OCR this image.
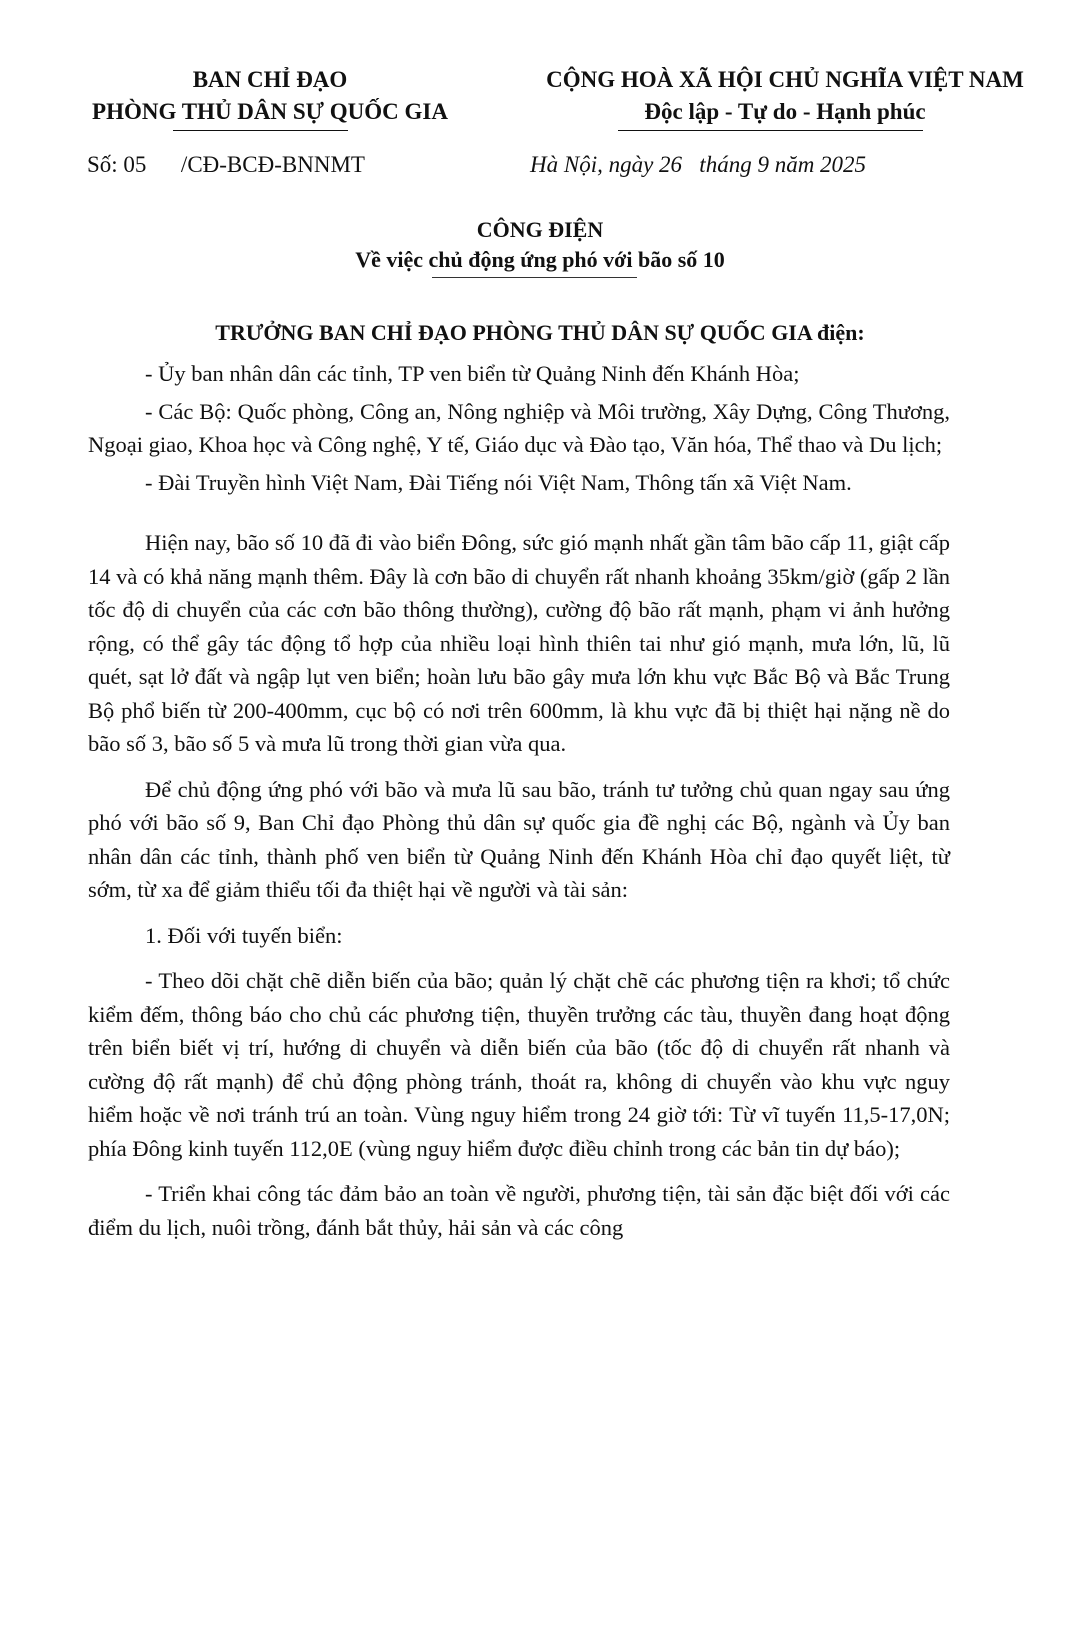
BAN CHỈ ĐẠO
PHÒNG THỦ DÂN SỰ QUỐC GIA
CỘNG HOÀ XÃ HỘI CHỦ NGHĨA VIỆT NAM
Độc lập - Tự do - Hạnh phúc
Số: 05      /CĐ-BCĐ-BNNMT	Hà Nội, ngày 26   tháng 9 năm 2025
CÔNG ĐIỆN
Về việc chủ động ứng phó với bão số 10
TRƯỞNG BAN CHỈ ĐẠO PHÒNG THỦ DÂN SỰ QUỐC GIA điện:

- Ủy ban nhân dân các tỉnh, TP ven biển từ Quảng Ninh đến Khánh Hòa;

- Các Bộ: Quốc phòng, Công an, Nông nghiệp và Môi trường, Xây Dựng, Công Thương, Ngoại giao, Khoa học và Công nghệ, Y tế, Giáo dục và Đào tạo, Văn hóa, Thể thao và Du lịch;

- Đài Truyền hình Việt Nam, Đài Tiếng nói Việt Nam, Thông tấn xã Việt Nam.

Hiện nay, bão số 10 đã đi vào biển Đông, sức gió mạnh nhất gần tâm bão cấp 11, giật cấp 14 và có khả năng mạnh thêm. Đây là cơn bão di chuyển rất nhanh khoảng 35km/giờ (gấp 2 lần tốc độ di chuyển của các cơn bão thông thường), cường độ bão rất mạnh, phạm vi ảnh hưởng rộng, có thể gây tác động tổ hợp của nhiều loại hình thiên tai như gió mạnh, mưa lớn, lũ, lũ quét, sạt lở đất và ngập lụt ven biển; hoàn lưu bão gây mưa lớn khu vực Bắc Bộ và Bắc Trung Bộ phổ biến từ 200-400mm, cục bộ có nơi trên 600mm, là khu vực đã bị thiệt hại nặng nề do bão số 3, bão số 5 và mưa lũ trong thời gian vừa qua.

Để chủ động ứng phó với bão và mưa lũ sau bão, tránh tư tưởng chủ quan ngay sau ứng phó với bão số 9, Ban Chỉ đạo Phòng thủ dân sự quốc gia đề nghị các Bộ, ngành và Ủy ban nhân dân các tỉnh, thành phố ven biển từ Quảng Ninh đến Khánh Hòa chỉ đạo quyết liệt, từ sớm, từ xa để giảm thiểu tối đa thiệt hại về người và tài sản:

1. Đối với tuyến biển:

- Theo dõi chặt chẽ diễn biến của bão; quản lý chặt chẽ các phương tiện ra khơi; tổ chức kiểm đếm, thông báo cho chủ các phương tiện, thuyền trưởng các tàu, thuyền đang hoạt động trên biển biết vị trí, hướng di chuyển và diễn biến của bão (tốc độ di chuyển rất nhanh và cường độ rất mạnh) để chủ động phòng tránh, thoát ra, không di chuyển vào khu vực nguy hiểm hoặc về nơi tránh trú an toàn. Vùng nguy hiểm trong 24 giờ tới: Từ vĩ tuyến 11,5-17,0N; phía Đông kinh tuyến 112,0E (vùng nguy hiểm được điều chỉnh trong các bản tin dự báo);

- Triển khai công tác đảm bảo an toàn về người, phương tiện, tài sản đặc biệt đối với các điểm du lịch, nuôi trồng, đánh bắt thủy, hải sản và các công
